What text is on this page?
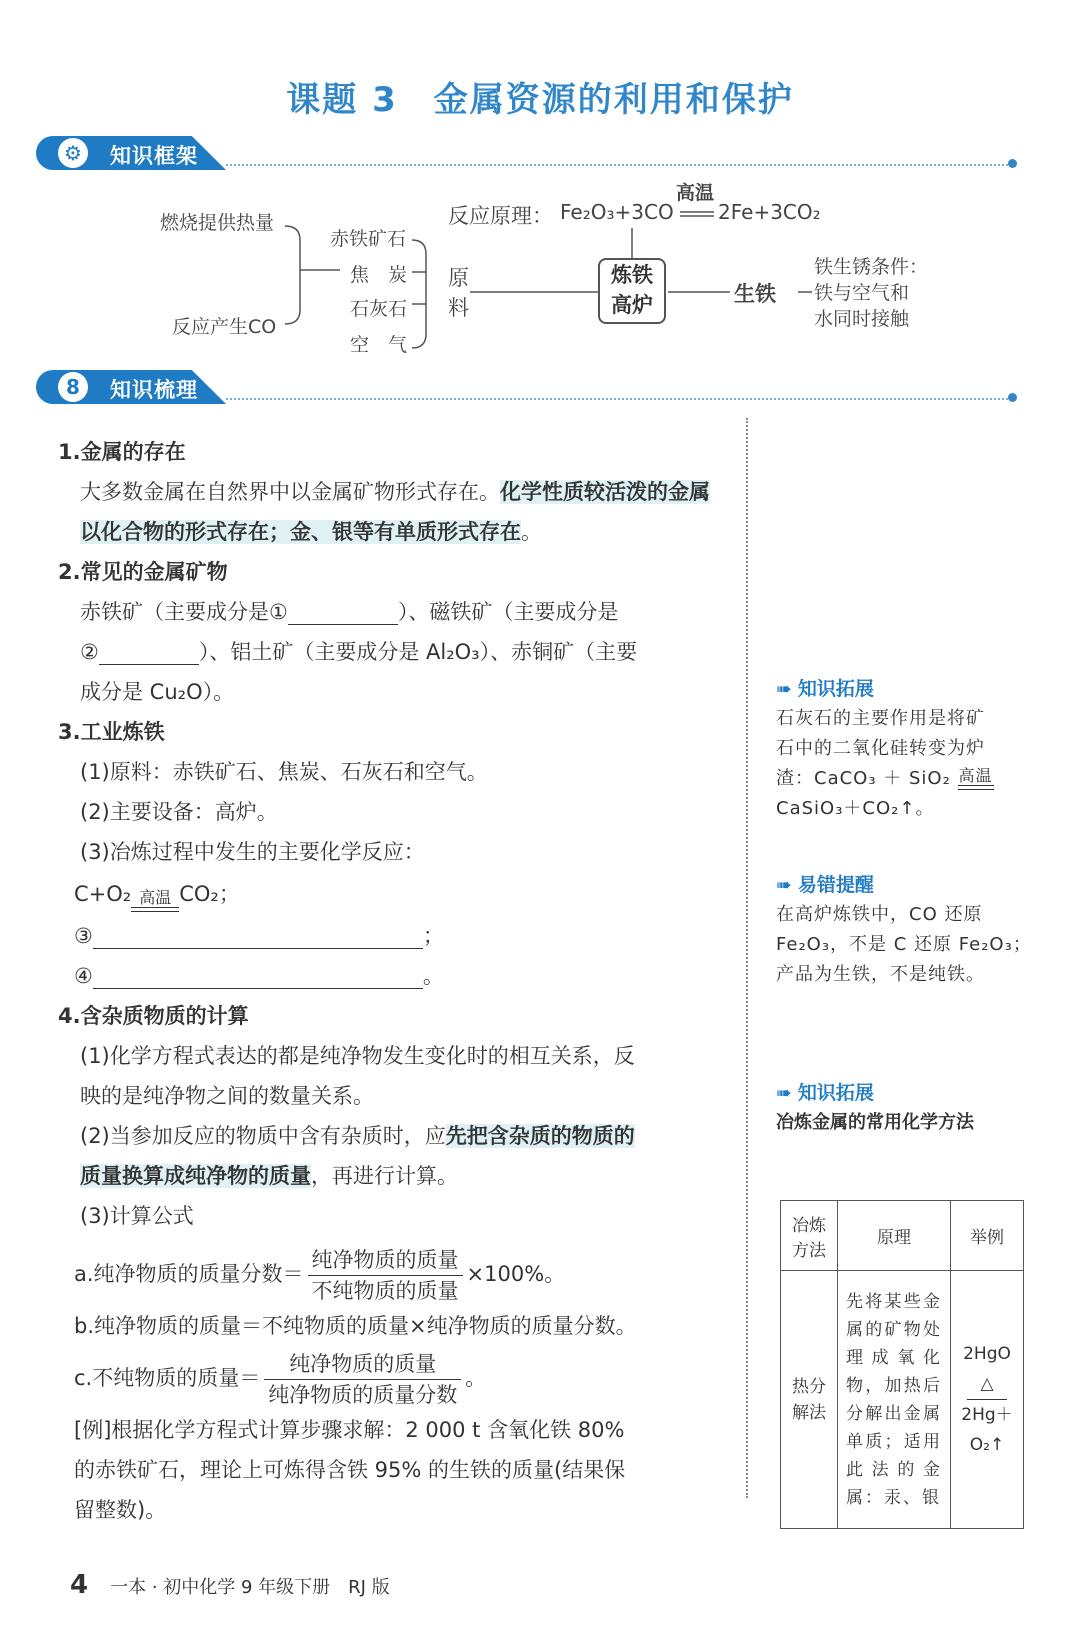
课题 3 金属资源的利用和保护
⚙ 知识框架
燃烧提供热量
反应产生CO
赤铁矿石
焦　炭
石灰石
空　气
原
料
反应原理： Fe₂O₃+3CO
高温
2Fe+3CO₂
炼铁
高炉	生铁
铁生锈条件：
铁与空气和
水同时接触
8	知识梳理

1.金属的存在

大多数金属在自然界中以金属矿物形式存在。化学性质较活泼的金属以化合物的形式存在；金、银等有单质形式存在。

2.常见的金属矿物

赤铁矿（主要成分是①	）、磁铁矿（主要成分是
②	）、铝土矿（主要成分是 Al₂O₃）、赤铜矿（主要
成分是 Cu₂O）。

3.工业炼铁

(1)原料：赤铁矿石、焦炭、石灰石和空气。

(2)主要设备：高炉。

(3)冶炼过程中发生的主要化学反应：

C+O₂ 高温 CO₂；

③	；

④	。

4.含杂质物质的计算

(1)化学方程式表达的都是纯净物发生变化时的相互关系，反

映的是纯净物之间的数量关系。

(2)当参加反应的物质中含有杂质时，应先把含杂质的物质的

质量换算成纯净物的质量，再进行计算。

(3)计算公式

a.纯净物质的质量分数＝ $\frac{\text{纯净物质的质量}}{\text{不纯物质的质量}} \times 100\%$。

b.纯净物质的质量＝不纯物质的质量×纯净物质的质量分数。

c.不纯物质的质量＝ $\frac{\text{纯净物质的质量}}{\text{纯净物质的质量分数}}$ 。

[例]根据化学方程式计算步骤求解：2 000 t 含氧化铁 80%

的赤铁矿石，理论上可炼得含铁 95% 的生铁的质量(结果保

留整数)。

➠ 知识拓展
石灰石的主要作用是将矿
石中的二氧化硅转变为炉
渣：CaCO₃ ＋ SiO₂ 高温
CaSiO₃＋CO₂↑。
➠ 易错提醒
在高炉炼铁中，CO 还原
Fe₂O₃，不是 C 还原 Fe₂O₃；
产品为生铁，不是纯铁。
➠ 知识拓展
冶炼金属的常用化学方法
冶炼方法	原理	举例
热分解法	先将某些金属的矿物处理成氧化物，加热后分解出金属单质；适用此法的金属：汞、银	2HgO
△
2Hg＋
O₂↑
4 一本 · 初中化学 9 年级下册　RJ 版
